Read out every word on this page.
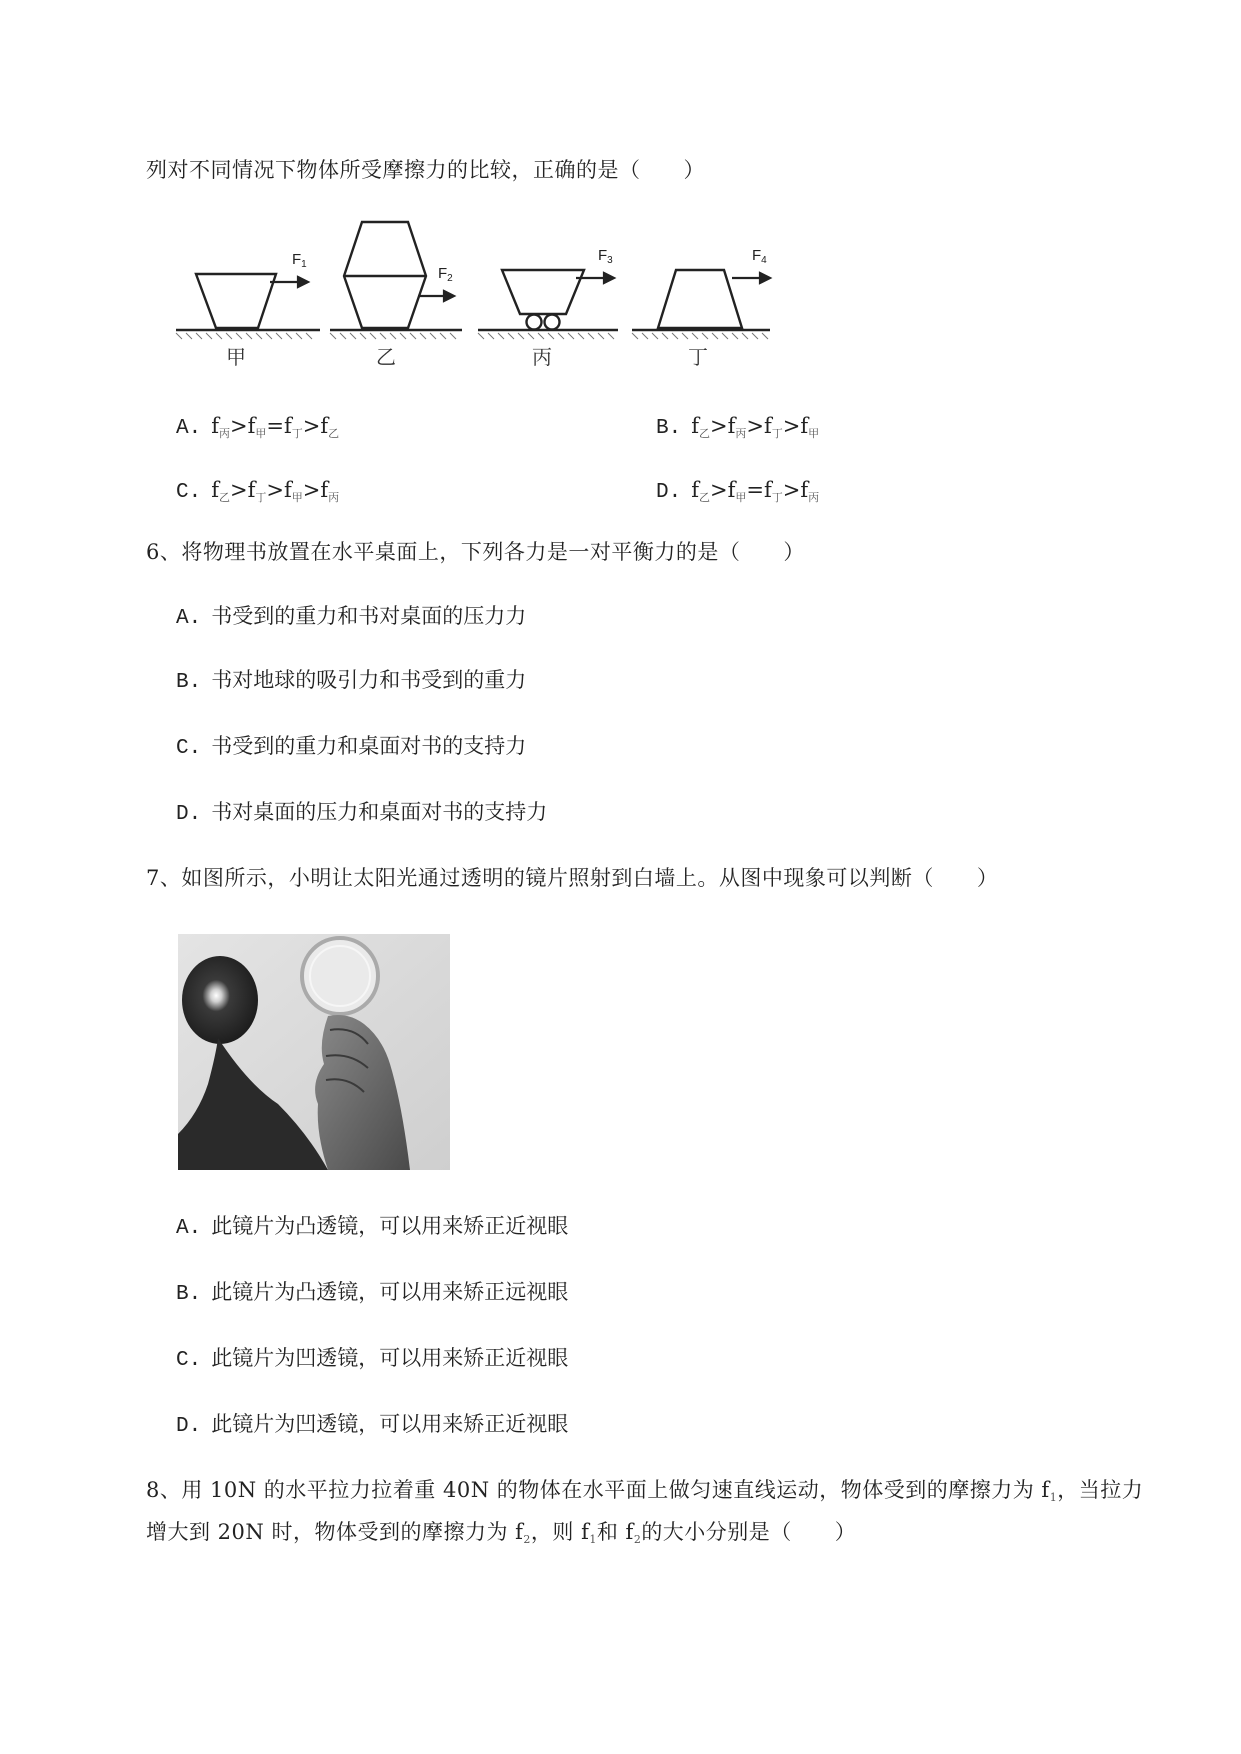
列对不同情况下物体所受摩擦力的比较，正确的是（　　）
$F_1$
$F_2$
$F_3$	$F_4$
甲	乙	丙	丁
A. $f_丙>f_甲=f_丁>f_乙$	B. $f_乙>f_丙>f_丁>f_甲$
C. $f_乙>f_丁>f_甲>f_丙$	D. $f_乙>f_甲=f_丁>f_丙$
6、将物理书放置在水平桌面上，下列各力是一对平衡力的是（　　）
A. 书受到的重力和书对桌面的压力力
B. 书对地球的吸引力和书受到的重力
C. 书受到的重力和桌面对书的支持力
D. 书对桌面的压力和桌面对书的支持力
7、如图所示，小明让太阳光通过透明的镜片照射到白墙上。从图中现象可以判断（　　）
A. 此镜片为凸透镜，可以用来矫正近视眼
B. 此镜片为凸透镜，可以用来矫正远视眼
C. 此镜片为凹透镜，可以用来矫正近视眼
D. 此镜片为凹透镜，可以用来矫正近视眼
8、用 10N 的水平拉力拉着重 40N 的物体在水平面上做匀速直线运动，物体受到的摩擦力为 $f_1$，当拉力
增大到 20N 时，物体受到的摩擦力为 $f_2$，则 $f_1$和 $f_2$的大小分别是（　　）
